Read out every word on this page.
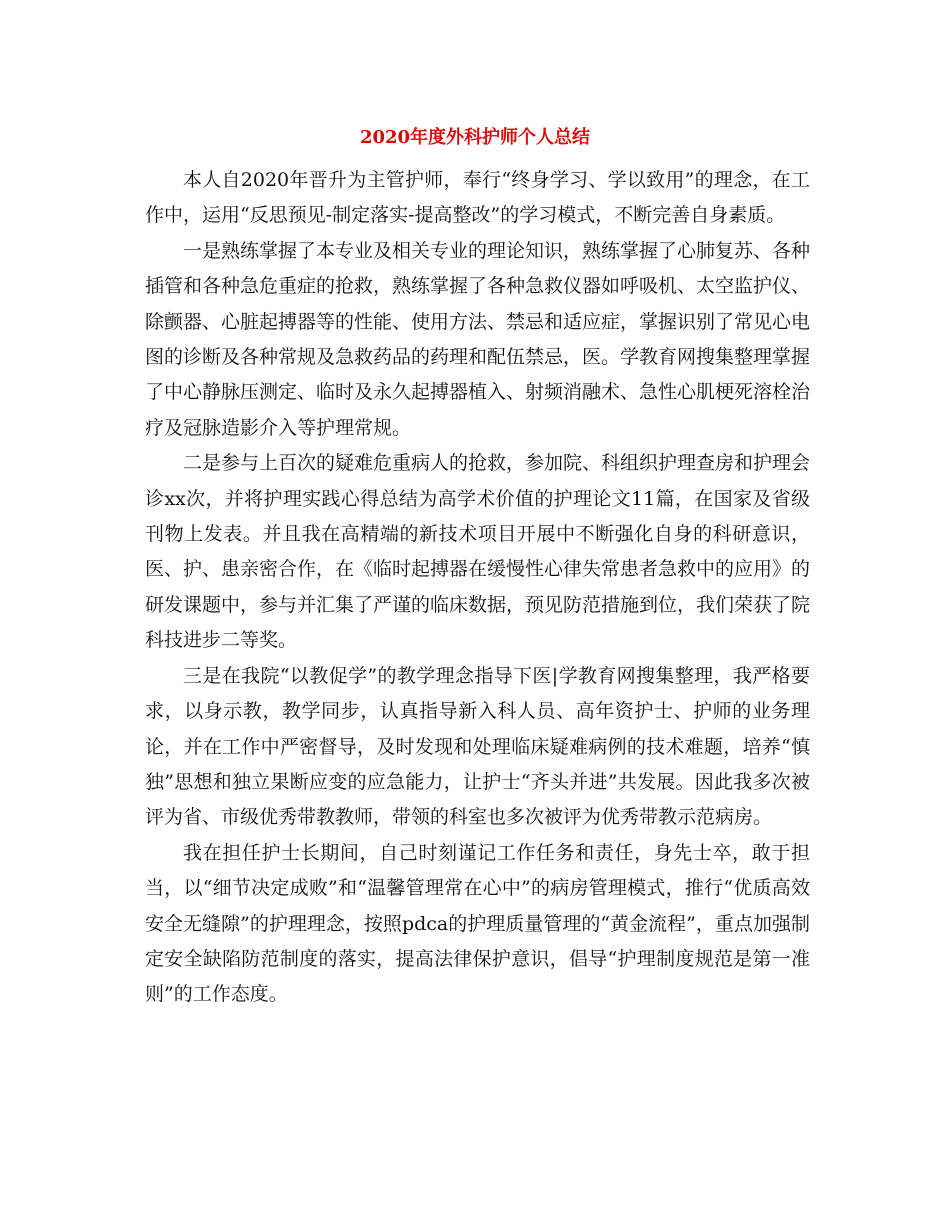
2020年度外科护师个人总结

本人自2020年晋升为主管护师，奉行“终身学习、学以致用”的理念，在工作中，运用“反思预见-制定落实-提高整改”的学习模式，不断完善自身素质。

一是熟练掌握了本专业及相关专业的理论知识，熟练掌握了心肺复苏、各种插管和各种急危重症的抢救，熟练掌握了各种急救仪器如呼吸机、太空监护仪、除颤器、心脏起搏器等的性能、使用方法、禁忌和适应症，掌握识别了常见心电图的诊断及各种常规及急救药品的药理和配伍禁忌，医。学教育网搜集整理掌握了中心静脉压测定、临时及永久起搏器植入、射频消融术、急性心肌梗死溶栓治疗及冠脉造影介入等护理常规。

二是参与上百次的疑难危重病人的抢救，参加院、科组织护理查房和护理会诊xx次，并将护理实践心得总结为高学术价值的护理论文11篇，在国家及省级刊物上发表。并且我在高精端的新技术项目开展中不断强化自身的科研意识，医、护、患亲密合作，在《临时起搏器在缓慢性心律失常患者急救中的应用》的研发课题中，参与并汇集了严谨的临床数据，预见防范措施到位，我们荣获了院科技进步二等奖。

三是在我院“以教促学”的教学理念指导下医|学教育网搜集整理，我严格要求，以身示教，教学同步，认真指导新入科人员、高年资护士、护师的业务理论，并在工作中严密督导，及时发现和处理临床疑难病例的技术难题，培养“慎独”思想和独立果断应变的应急能力，让护士“齐头并进”共发展。因此我多次被评为省、市级优秀带教教师，带领的科室也多次被评为优秀带教示范病房。

我在担任护士长期间，自己时刻谨记工作任务和责任，身先士卒，敢于担当，以“细节决定成败”和“温馨管理常在心中”的病房管理模式，推行“优质高效安全无缝隙”的护理理念，按照pdca的护理质量管理的“黄金流程”，重点加强制定安全缺陷防范制度的落实，提高法律保护意识，倡导“护理制度规范是第一准则”的工作态度。
